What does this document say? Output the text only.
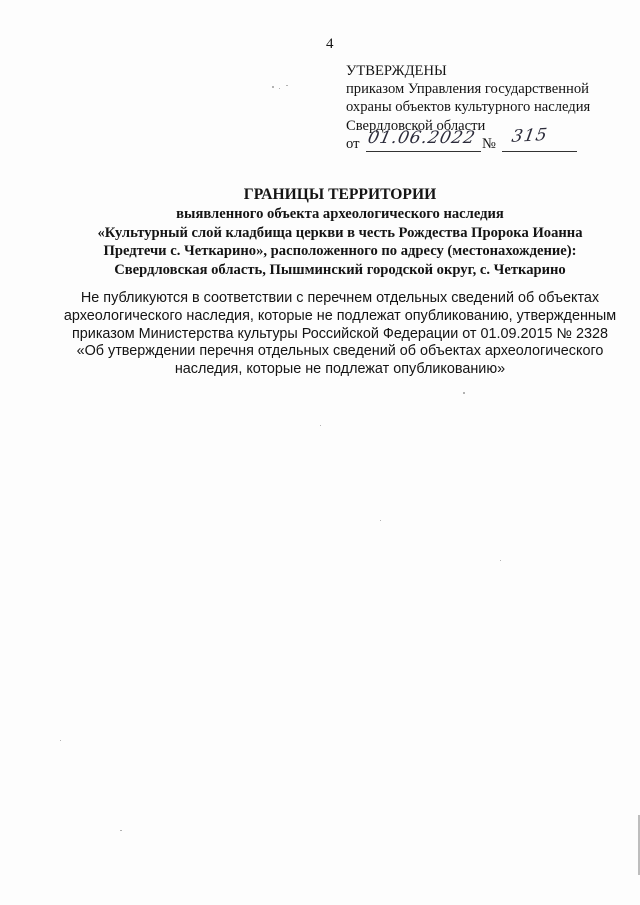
4
УТВЕРЖДЕНЫ
приказом Управления государственной
охраны объектов культурного наследия
Свердловской области
от 01.06.2022 № 315
ГРАНИЦЫ ТЕРРИТОРИИ
выявленного объекта археологического наследия
«Культурный слой кладбища церкви в честь Рождества Пророка Иоанна
Предтечи с. Четкарино», расположенного по адресу (местонахождение):
Свердловская область, Пышминский городской округ, с. Четкарино
Не публикуются в соответствии с перечнем отдельных сведений об объектах
археологического наследия, которые не подлежат опубликованию, утвержденным
приказом Министерства культуры Российской Федерации от 01.09.2015 № 2328
«Об утверждении перечня отдельных сведений об объектах археологического
наследия, которые не подлежат опубликованию»
